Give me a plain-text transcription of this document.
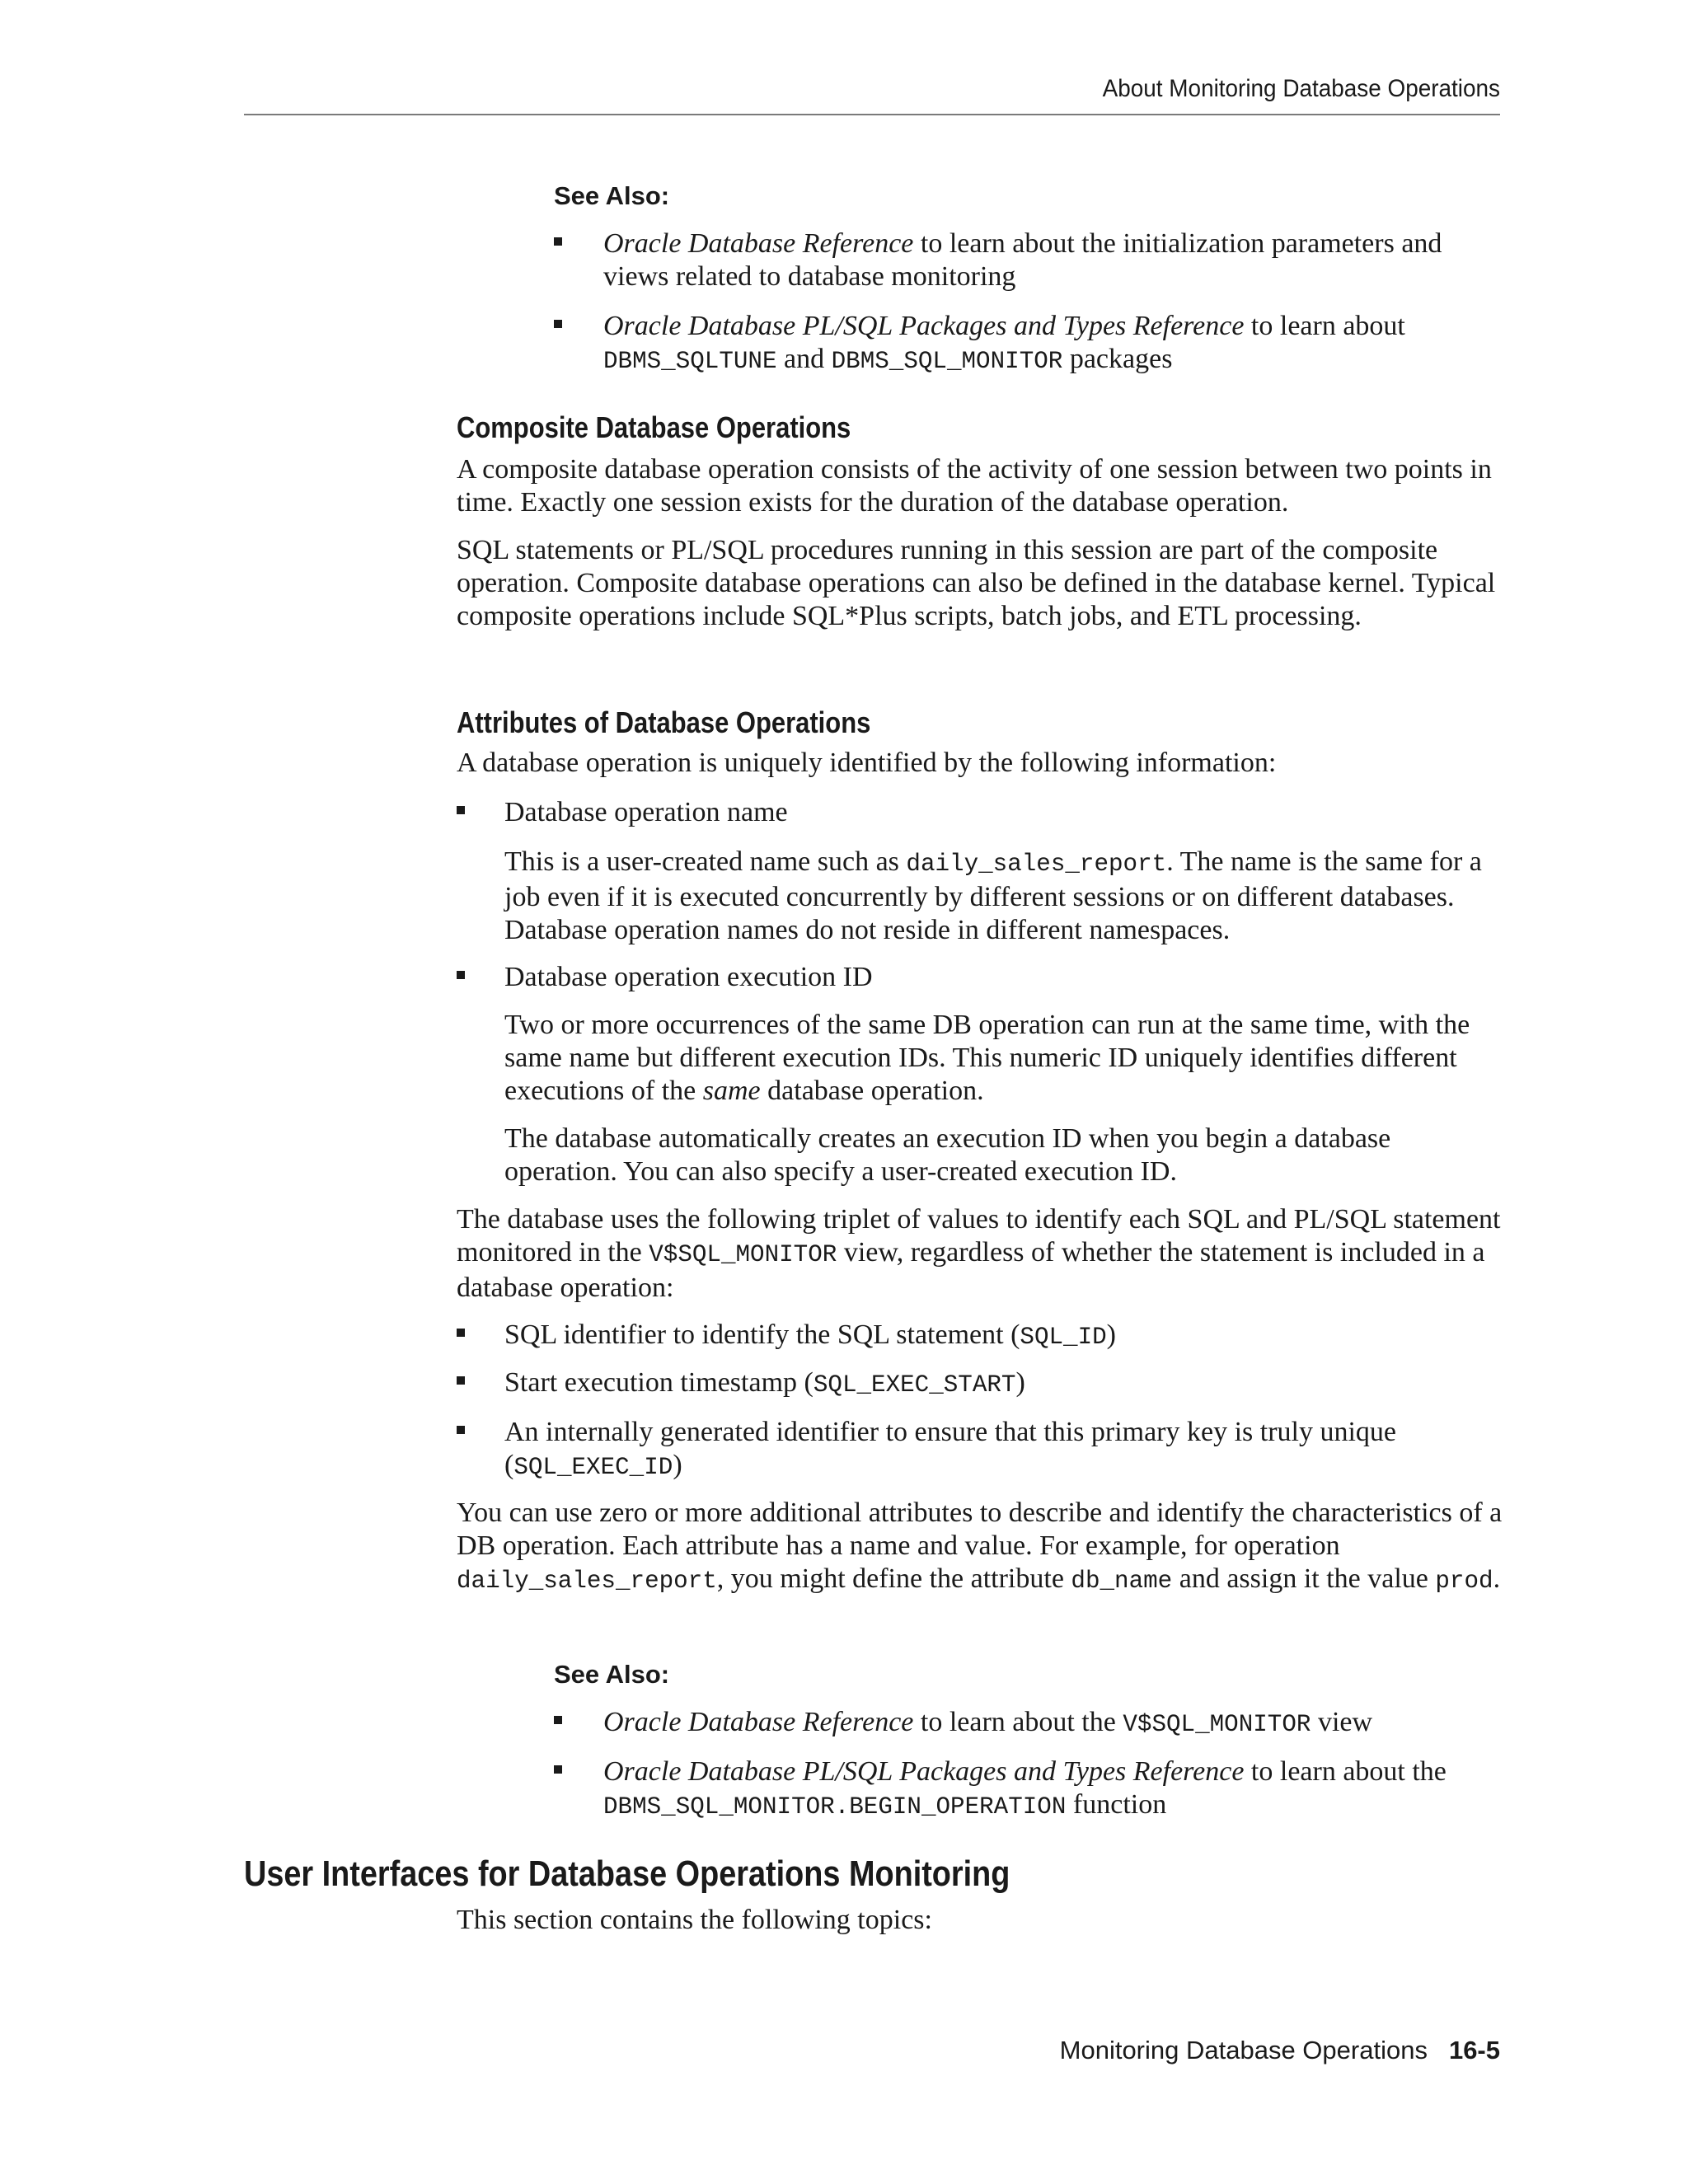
About Monitoring Database Operations
See Also:
Oracle Database Reference to learn about the initialization parameters and views related to database monitoring
Oracle Database PL/SQL Packages and Types Reference to learn about DBMS_SQLTUNE and DBMS_SQL_MONITOR packages
Composite Database Operations

A composite database operation consists of the activity of one session between two points in time. Exactly one session exists for the duration of the database operation.

SQL statements or PL/SQL procedures running in this session are part of the composite operation. Composite database operations can also be defined in the database kernel. Typical composite operations include SQL*Plus scripts, batch jobs, and ETL processing.

Attributes of Database Operations

A database operation is uniquely identified by the following information:

Database operation name

This is a user-created name such as daily_sales_report. The name is the same for a job even if it is executed concurrently by different sessions or on different databases. Database operation names do not reside in different namespaces.

Database operation execution ID

Two or more occurrences of the same DB operation can run at the same time, with the same name but different execution IDs. This numeric ID uniquely identifies different executions of the same database operation.

The database automatically creates an execution ID when you begin a database operation. You can also specify a user-created execution ID.

The database uses the following triplet of values to identify each SQL and PL/SQL statement monitored in the V$SQL_MONITOR view, regardless of whether the statement is included in a database operation:

SQL identifier to identify the SQL statement (SQL_ID)
Start execution timestamp (SQL_EXEC_START)
An internally generated identifier to ensure that this primary key is truly unique (SQL_EXEC_ID)

You can use zero or more additional attributes to describe and identify the characteristics of a DB operation. Each attribute has a name and value. For example, for operation daily_sales_report, you might define the attribute db_name and assign it the value prod.

See Also:
Oracle Database Reference to learn about the V$SQL_MONITOR view
Oracle Database PL/SQL Packages and Types Reference to learn about the DBMS_SQL_MONITOR.BEGIN_OPERATION function
User Interfaces for Database Operations Monitoring

This section contains the following topics:

Monitoring Database Operations 16-5
